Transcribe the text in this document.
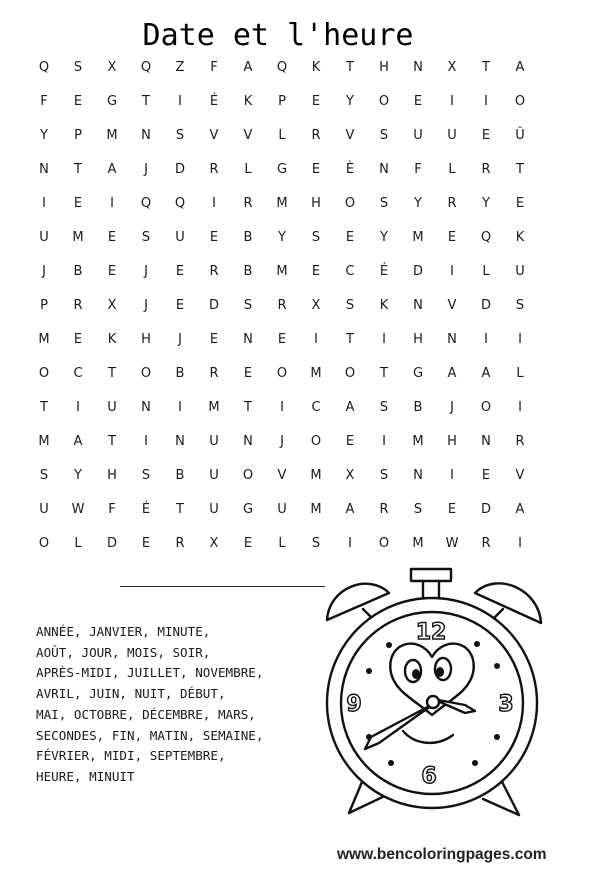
Date et l'heure
Q	S	X	Q	Z	F	A	Q	K	T	H	N	X	T	A
F	E	G	T	I	É	K	P	E	Y	O	E	I	I	O
Y	P	M	N	S	V	V	L	R	V	S	U	U	E	Û
N	T	A	J	D	R	L	G	E	È	N	F	L	R	T
I	E	I	Q	Q	I	R	M	H	O	S	Y	R	Y	E
U	M	E	S	U	E	B	Y	S	E	Y	M	E	Q	K
J	B	E	J	E	R	B	M	E	C	É	D	I	L	U
P	R	X	J	E	D	S	R	X	S	K	N	V	D	S
M	E	K	H	J	E	N	E	I	T	I	H	N	I	I
O	C	T	O	B	R	E	O	M	O	T	G	A	A	L
T	I	U	N	I	M	T	I	C	A	S	B	J	O	I
M	A	T	I	N	U	N	J	O	E	I	M	H	N	R
S	Y	H	S	B	U	O	V	M	X	S	N	I	E	V
U	W	F	É	T	U	G	U	M	A	R	S	E	D	A
O	L	D	E	R	X	E	L	S	I	O	M	W	R	I
ANNÉE, JANVIER, MINUTE,
AOÛT, JOUR, MOIS, SOIR,
APRÈS-MIDI, JUILLET, NOVEMBRE,
AVRIL, JUIN, NUIT, DÉBUT,
MAI, OCTOBRE, DÉCEMBRE, MARS,
SECONDES, FIN, MATIN, SEMAINE,
FÉVRIER, MIDI, SEPTEMBRE,
HEURE, MINUIT
12
3
6
9
www.bencoloringpages.com
